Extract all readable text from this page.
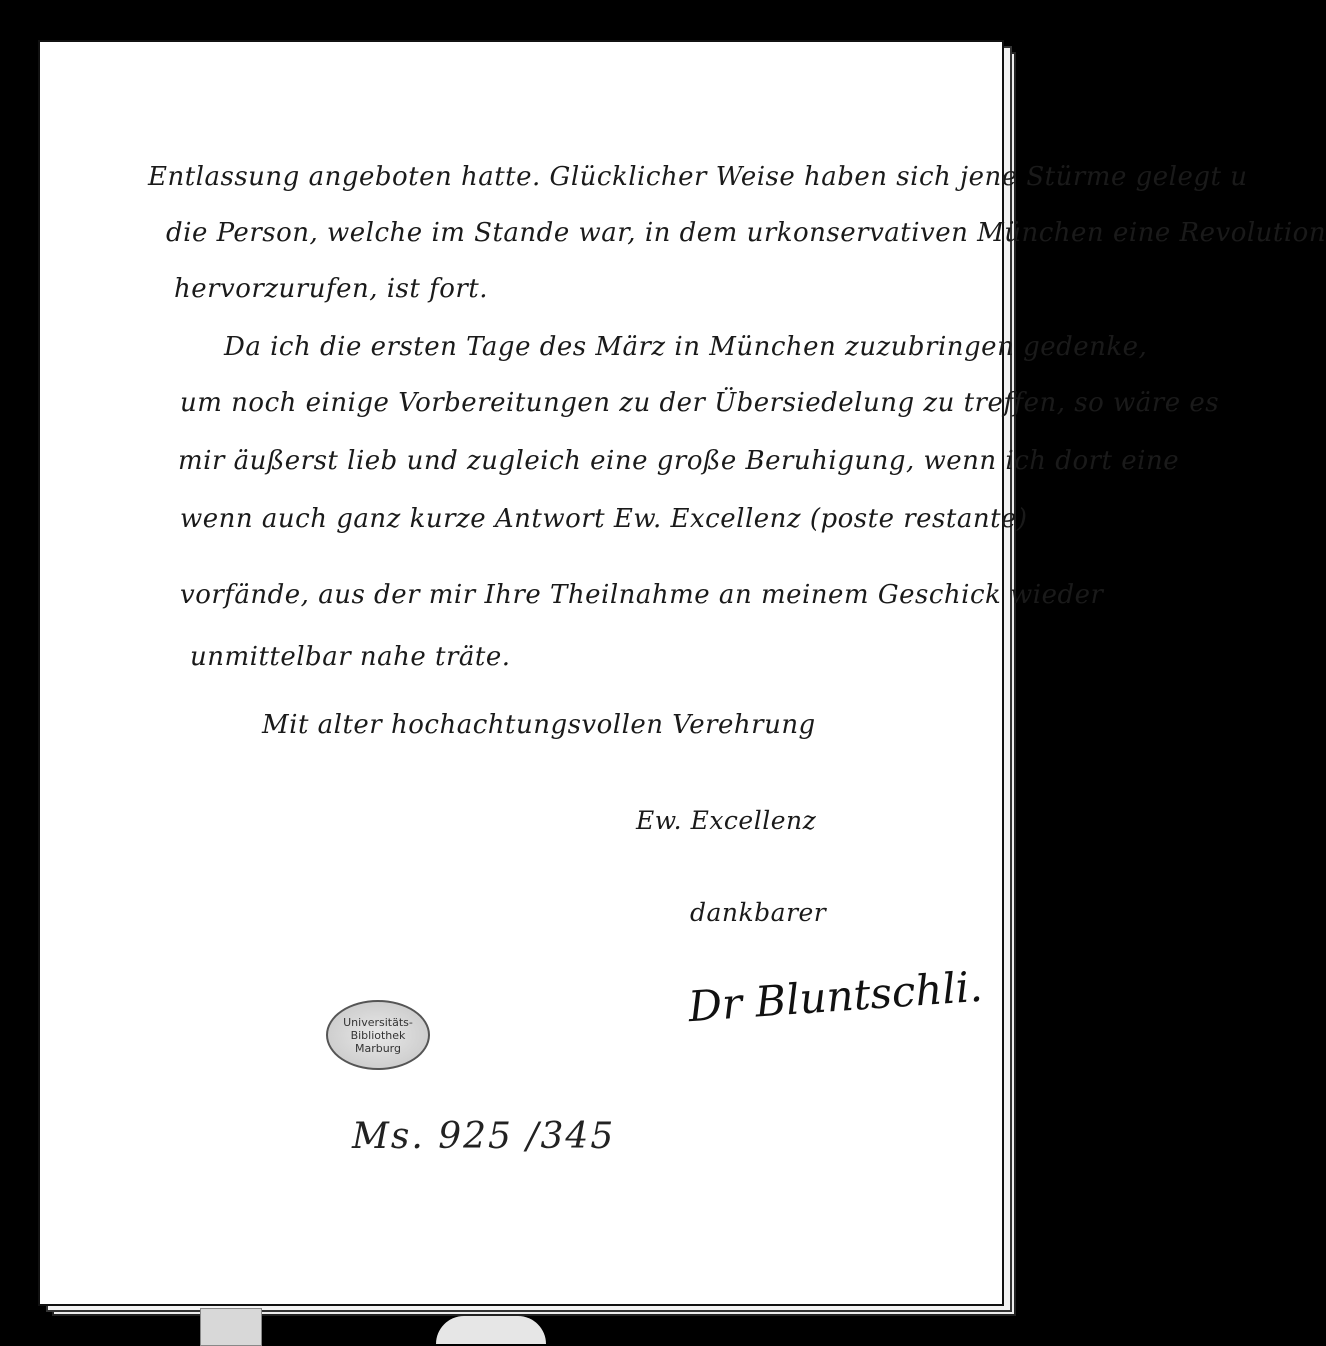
Entlassung angeboten hatte. Glücklicher Weise haben sich jene Stürme gelegt u
die Person, welche im Stande war, in dem urkonservativen München eine Revolution
hervorzurufen, ist fort.
Da ich die ersten Tage des März in München zuzubringen gedenke,
um noch einige Vorbereitungen zu der Übersiedelung zu treffen, so wäre es
mir äußerst lieb und zugleich eine große Beruhigung, wenn ich dort eine
wenn auch ganz kurze Antwort Ew. Excellenz (poste restante)
vorfände, aus der mir Ihre Theilnahme an meinem Geschick wieder
unmittelbar nahe träte.
Mit alter hochachtungsvollen Verehrung
Ew. Excellenz
dankbarer
Dr Bluntschli.
Universitäts-
Bibliothek
Marburg
Ms. 925 /345
